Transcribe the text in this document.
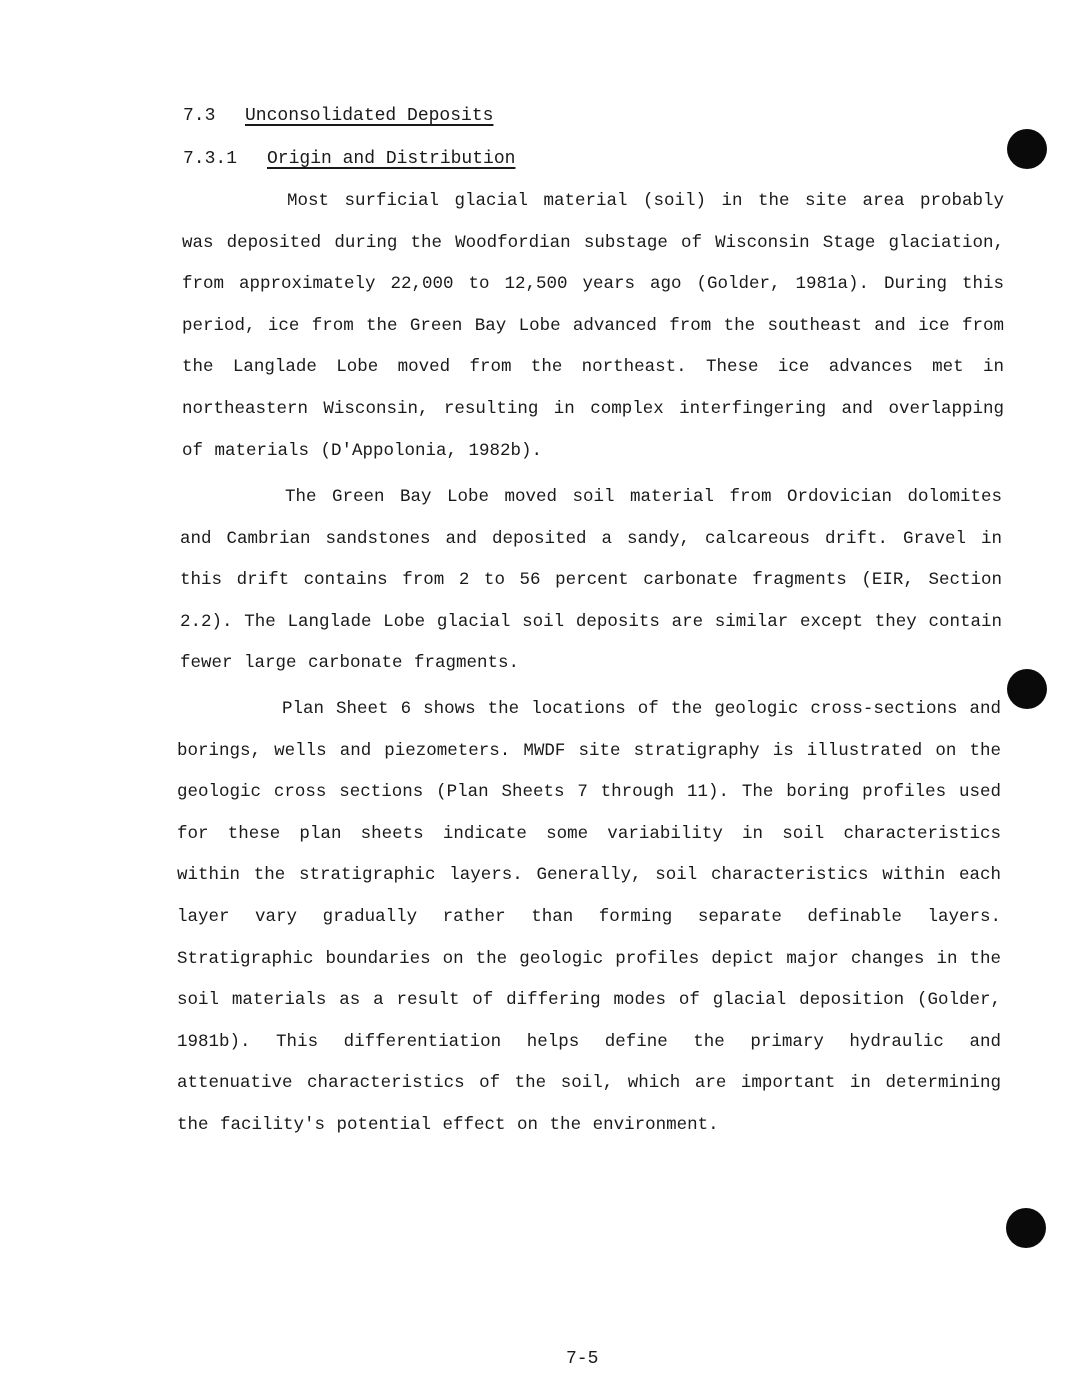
7.3 Unconsolidated Deposits
7.3.1 Origin and Distribution

Most surficial glacial material (soil) in the site area probably was deposited during the Woodfordian substage of Wisconsin Stage glaciation, from approximately 22,000 to 12,500 years ago (Golder, 1981a). During this period, ice from the Green Bay Lobe advanced from the southeast and ice from the Langlade Lobe moved from the northeast. These ice advances met in northeastern Wisconsin, resulting in complex interfingering and overlapping of materials (D'Appolonia, 1982b).

The Green Bay Lobe moved soil material from Ordovician dolomites and Cambrian sandstones and deposited a sandy, calcareous drift. Gravel in this drift contains from 2 to 56 percent carbonate fragments (EIR, Section 2.2). The Langlade Lobe glacial soil deposits are similar except they contain fewer large carbonate fragments.

Plan Sheet 6 shows the locations of the geologic cross-sections and borings, wells and piezometers. MWDF site stratigraphy is illustrated on the geologic cross sections (Plan Sheets 7 through 11). The boring profiles used for these plan sheets indicate some variability in soil characteristics within the stratigraphic layers. Generally, soil characteristics within each layer vary gradually rather than forming separate definable layers. Stratigraphic boundaries on the geologic profiles depict major changes in the soil materials as a result of differing modes of glacial deposition (Golder, 1981b). This differentiation helps define the primary hydraulic and attenuative characteristics of the soil, which are important in determining the facility's potential effect on the environment.

7-5
